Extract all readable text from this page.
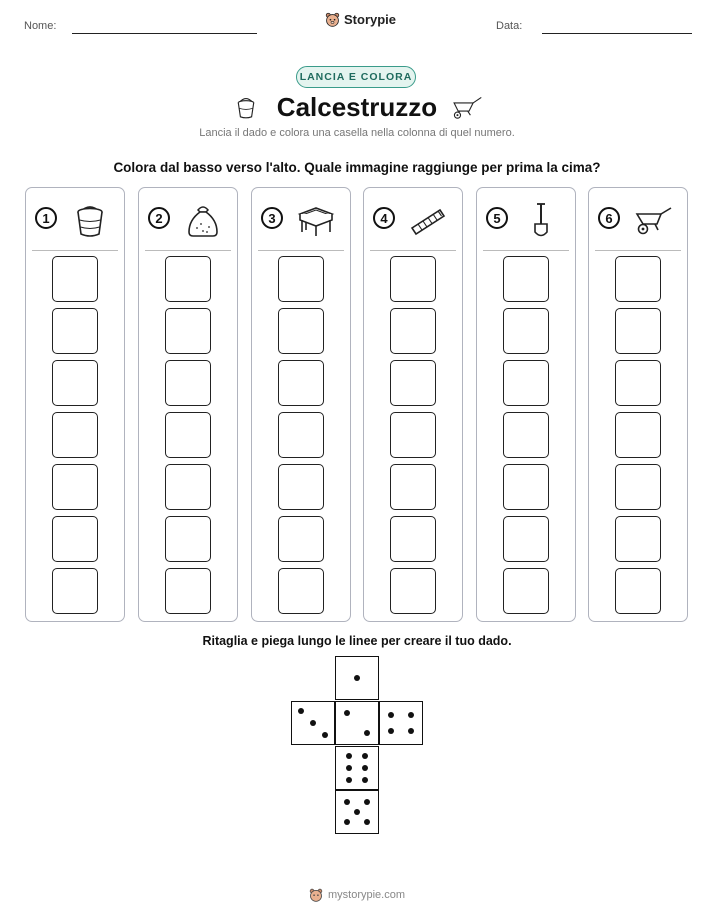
Nome:	Storypie	Data:
LANCIA E COLORA
Calcestruzzo
Lancia il dado e colora una casella nella colonna di quel numero.
Colora dal basso verso l'alto. Quale immagine raggiunge per prima la cima?
1	2	3	4	5	6
Ritaglia e piega lungo le linee per creare il tuo dado.
mystorypie.com
